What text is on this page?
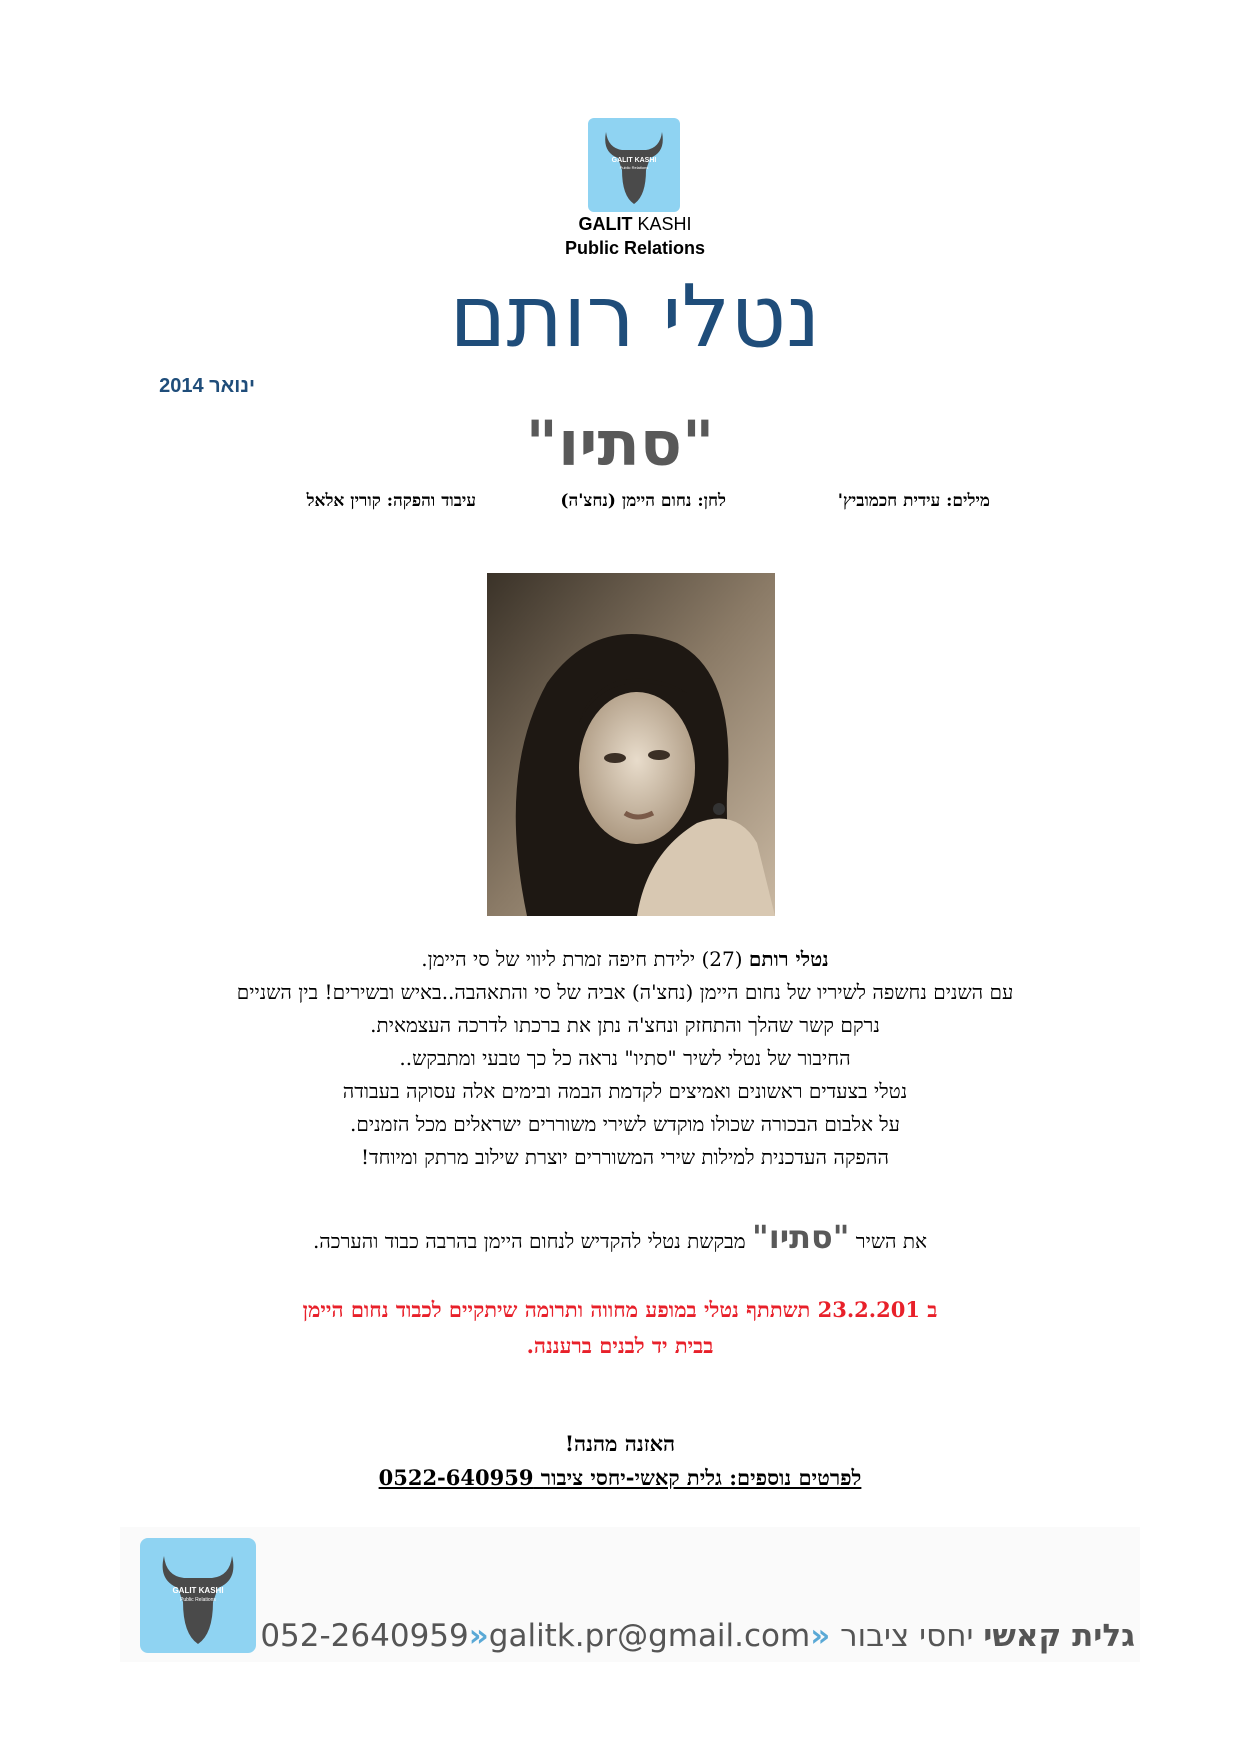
GALIT KASHI
Public Relations
GALIT KASHI
Public Relations
נטלי רותם
ינואר 2014
"סתיו"
מילים: עידית חכמוביץ'
לחן: נחום היימן (נחצ'ה)
עיבוד והפקה: קורין אלאל
נטלי רותם (27) ילידת חיפה זמרת ליווי של סי היימן.
עם השנים נחשפה לשיריו של נחום היימן (נחצ'ה) אביה של סי והתאהבה..באיש ובשירים! בין השניים
נרקם קשר שהלך והתחזק ונחצ'ה נתן את ברכתו לדרכה העצמאית.
החיבור של נטלי לשיר "סתיו" נראה כל כך טבעי ומתבקש..
נטלי בצעדים ראשונים ואמיצים לקדמת הבמה ובימים אלה עסוקה בעבודה
על אלבום הבכורה שכולו מוקדש לשירי משוררים ישראלים מכל הזמנים.
ההפקה העדכנית למילות שירי המשוררים יוצרת שילוב מרתק ומיוחד!
את השיר "סתיו" מבקשת נטלי להקדיש לנחום היימן בהרבה כבוד והערכה.
ב 23.2.201 תשתתף נטלי במופע מחווה ותרומה שיתקיים לכבוד נחום היימן
בבית יד לבנים ברעננה.
האזנה מהנה!
לפרטים נוספים: גלית קאשי-יחסי ציבור 0522-640959
GALIT KASHI
Public Relations
גלית קאשי יחסי ציבור «galitk.pr@gmail.com«052-2640959
